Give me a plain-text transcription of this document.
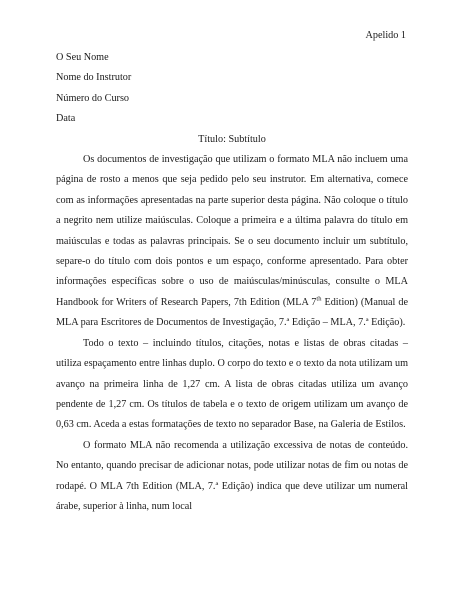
Apelido 1
O Seu Nome
Nome do Instrutor
Número do Curso
Data
Título: Subtítulo

Os documentos de investigação que utilizam o formato MLA não incluem uma página de rosto a menos que seja pedido pelo seu instrutor. Em alternativa, comece com as informações apresentadas na parte superior desta página. Não coloque o título a negrito nem utilize maiúsculas. Coloque a primeira e a última palavra do título em maiúsculas e todas as palavras principais. Se o seu documento incluir um subtítulo, separe-o do título com dois pontos e um espaço, conforme apresentado. Para obter informações específicas sobre o uso de maiúsculas/minúsculas, consulte o MLA Handbook for Writers of Research Papers, 7th Edition (MLA 7th Edition) (Manual de MLA para Escritores de Documentos de Investigação, 7.ª Edição – MLA, 7.ª Edição).

Todo o texto – incluindo títulos, citações, notas e listas de obras citadas – utiliza espaçamento entre linhas duplo. O corpo do texto e o texto da nota utilizam um avanço na primeira linha de 1,27 cm. A lista de obras citadas utiliza um avanço pendente de 1,27 cm. Os títulos de tabela e o texto de origem utilizam um avanço de 0,63 cm. Aceda a estas formatações de texto no separador Base, na Galeria de Estilos.

O formato MLA não recomenda a utilização excessiva de notas de conteúdo. No entanto, quando precisar de adicionar notas, pode utilizar notas de fim ou notas de rodapé. O MLA 7th Edition (MLA, 7.ª Edição) indica que deve utilizar um numeral árabe, superior à linha, num local
